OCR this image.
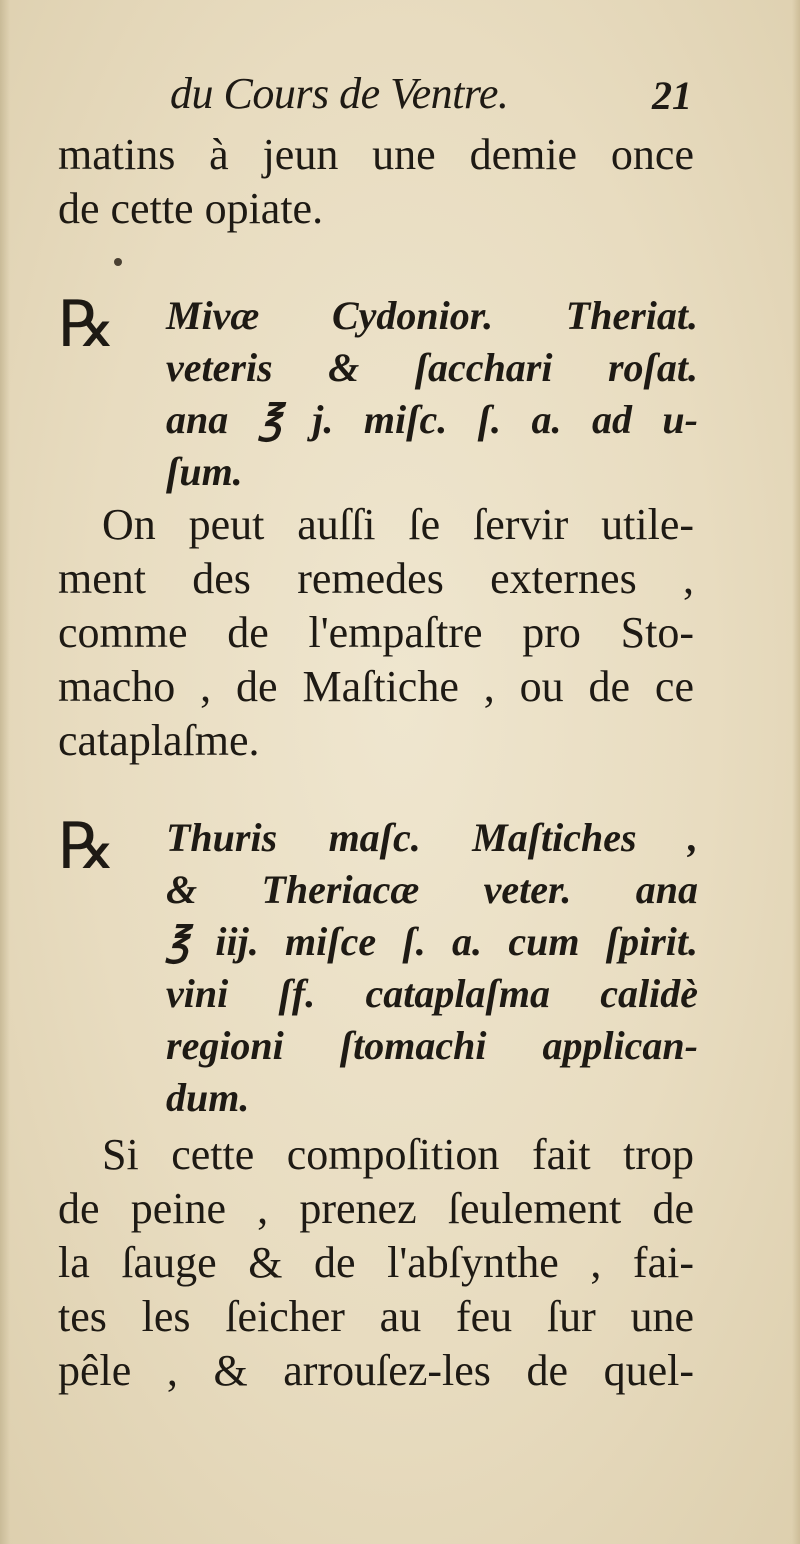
du Cours de Ventre.	21
matins à jeun une demie once
de cette opiate.
℞ Mivæ Cydonior. Theriat.
veteris & ſacchari roſat.
ana ℥ j. miſc. ſ. a. ad u-
ſum.
On peut auſſi ſe ſervir utile-
ment des remedes externes ,
comme de l'empaſtre pro Sto-
macho , de Maſtiche , ou de ce
cataplaſme.
℞ Thuris maſc. Maſtiches ,
& Theriacæ veter. ana
℥ iij. miſce ſ. a. cum ſpirit.
vini ſf. cataplaſma calidè
regioni ſtomachi applican-
dum.
Si cette compoſition fait trop
de peine , prenez ſeulement de
la ſauge & de l'abſynthe , fai-
tes les ſeicher au feu ſur une
pêle , & arrouſez-les de quel-
